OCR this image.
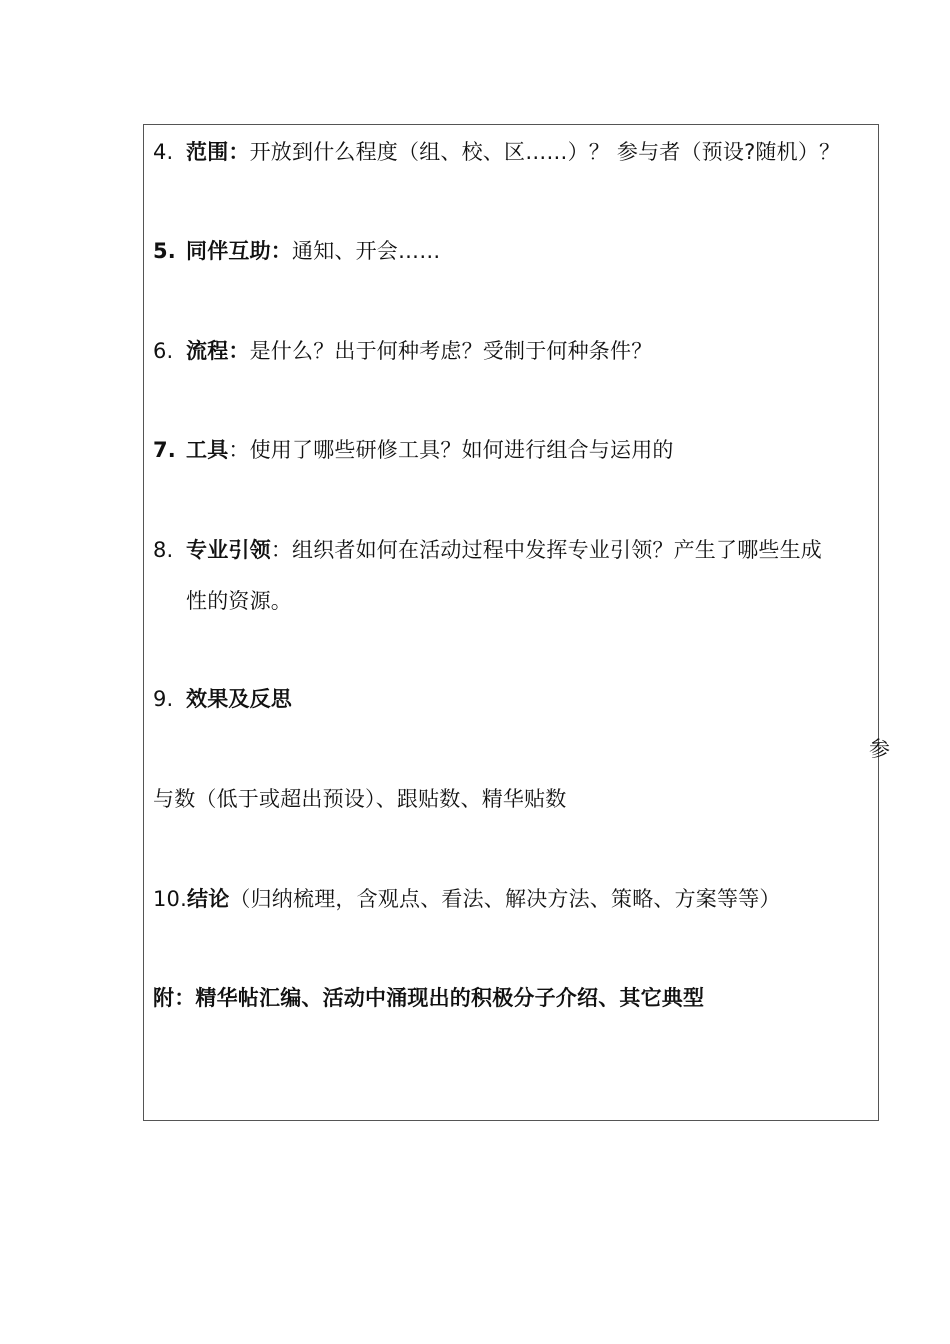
4. 范围：开放到什么程度（组、校、区……）？ 参与者（预设?随机）？
5. 同伴互助：通知、开会……
6. 流程：是什么？出于何种考虑？受制于何种条件？
7. 工具：使用了哪些研修工具？如何进行组合与运用的
8. 专业引领：组织者如何在活动过程中发挥专业引领？产生了哪些生成
性的资源。
9. 效果及反思
参
与数（低于或超出预设）、跟贴数、精华贴数
10.结论（归纳梳理，含观点、看法、解决方法、策略、方案等等）
附：精华帖汇编、活动中涌现出的积极分子介绍、其它典型
